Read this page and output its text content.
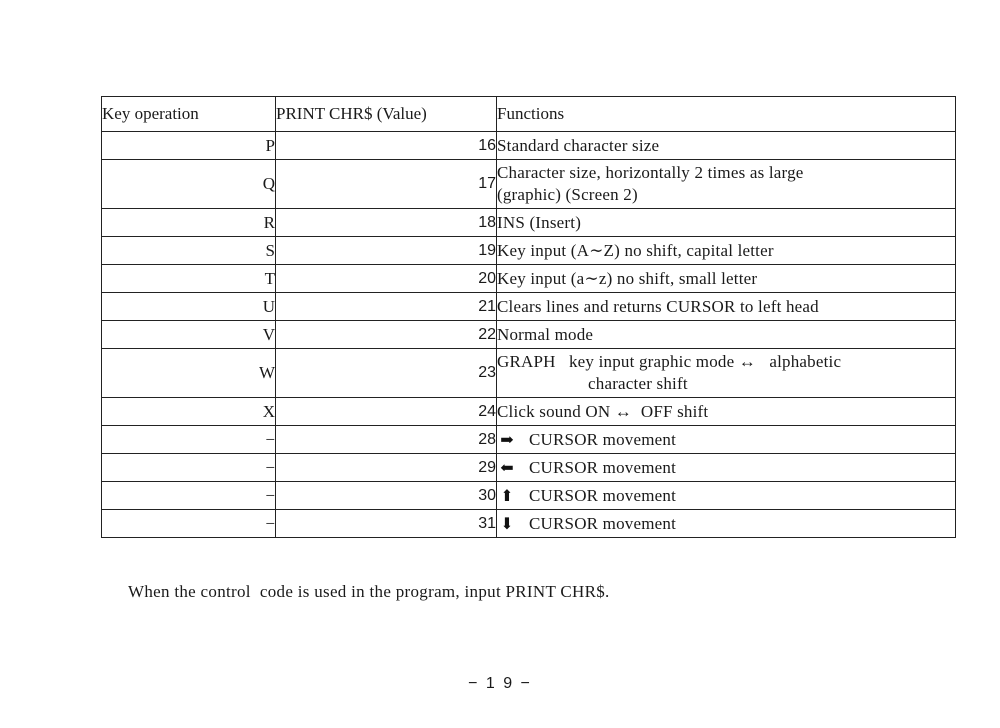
Key operation	PRINT CHR$ (Value)	Functions
P	16	Standard character size
Q	17	Character size, horizontally 2 times as large
(graphic) (Screen 2)

R	18	INS (Insert)
S	19	Key input (A∼Z) no shift, capital letter
T	20	Key input (a∼z) no shift, small letter
U	21	Clears lines and returns CURSOR to left head
V	22	Normal mode
W	23	GRAPH   key input graphic mode ↔   alphabetic
character shift

X	24	Click sound ON ↔  OFF shift
−	28	➡ CURSOR movement
−	29	⬅ CURSOR movement
−	30	⬆ CURSOR movement
−	31	⬇ CURSOR movement
When the control  code is used in the program, input PRINT CHR$.
− 1 9 −
